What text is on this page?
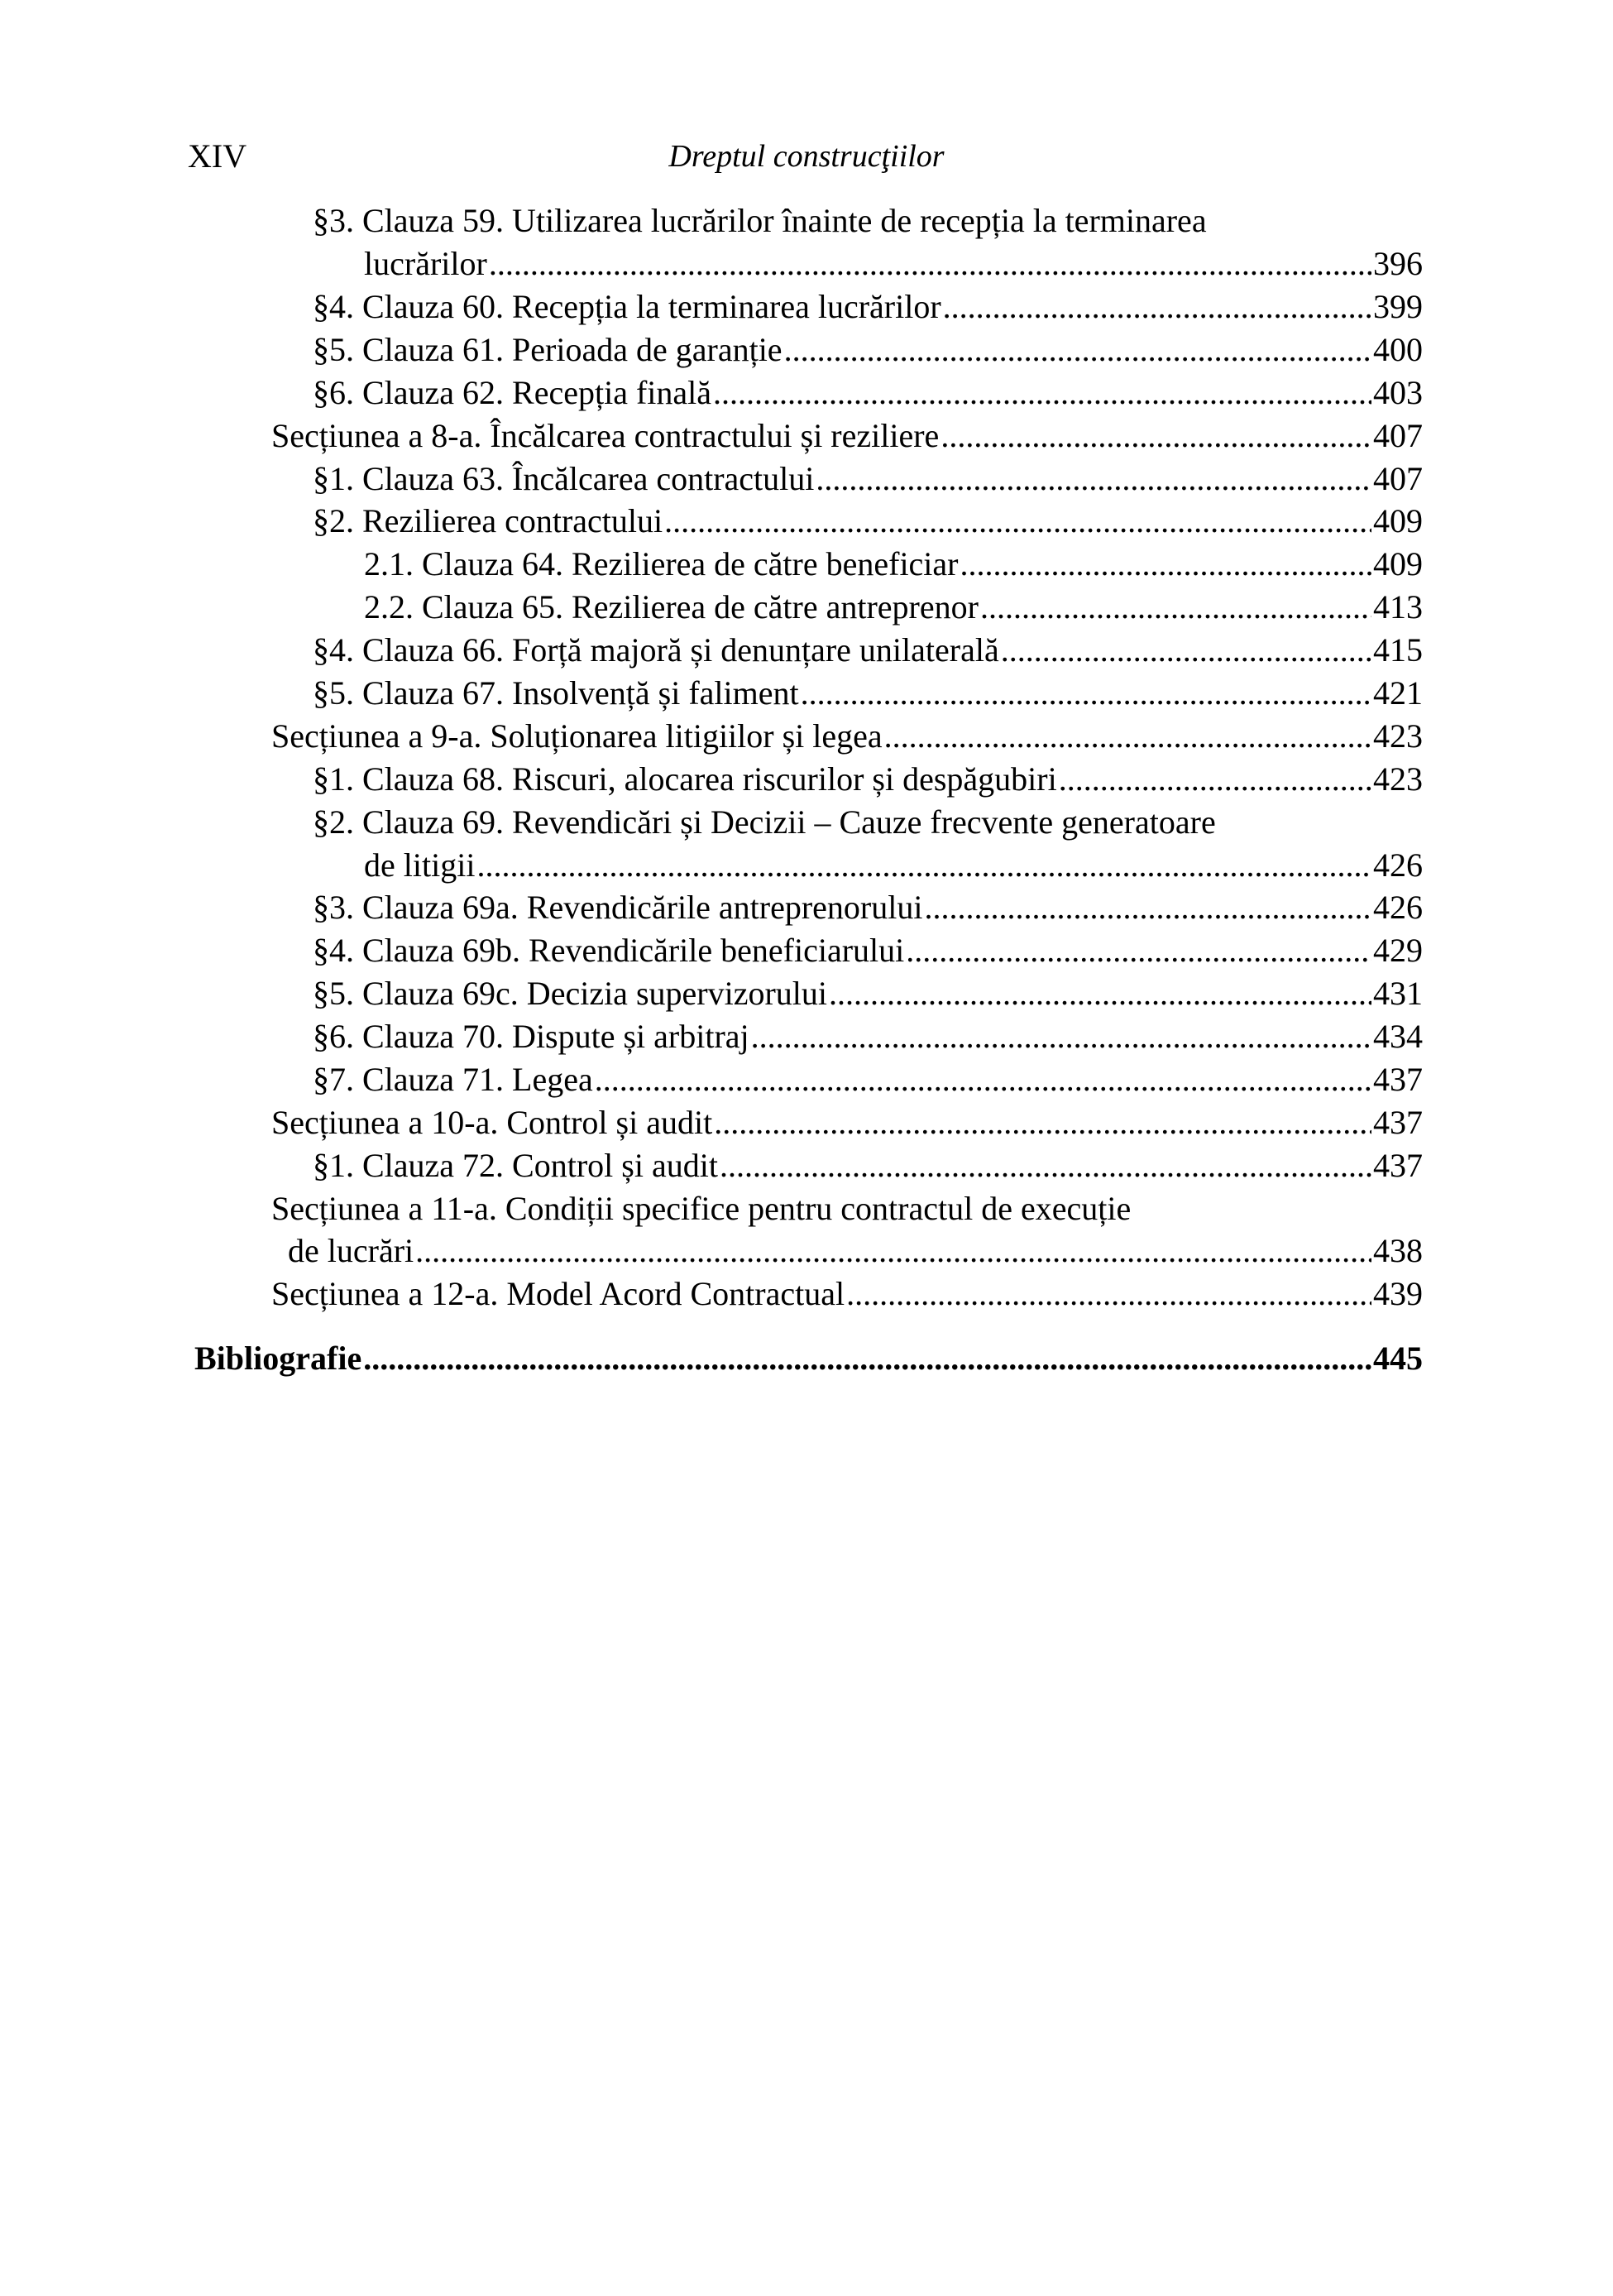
XIV	Dreptul construcţiilor
§3. Clauza 59. Utilizarea lucrărilor înainte de recepția la terminarea
lucrărilor .....	396
§4. Clauza 60. Recepția la terminarea lucrărilor .....	399
§5. Clauza 61. Perioada de garanție .....	400
§6. Clauza 62. Recepția finală .....	403
Secțiunea a 8-a. Încălcarea contractului și reziliere .....	407
§1. Clauza 63. Încălcarea contractului .....	407
§2. Rezilierea contractului .....	409
2.1. Clauza 64. Rezilierea de către beneficiar .....	409
2.2. Clauza 65. Rezilierea de către antreprenor .....	413
§4. Clauza 66. Forță majoră și denunțare unilaterală .....	415
§5. Clauza 67. Insolvență și faliment .....	421
Secțiunea a 9-a. Soluționarea litigiilor și legea .....	423
§1. Clauza 68. Riscuri, alocarea riscurilor și despăgubiri .....	423
§2. Clauza 69. Revendicări și Decizii – Cauze frecvente generatoare
de litigii .....	426
§3. Clauza 69a. Revendicările antreprenorului .....	426
§4. Clauza 69b. Revendicările beneficiarului .....	429
§5. Clauza 69c. Decizia supervizorului .....	431
§6. Clauza 70. Dispute și arbitraj .....	434
§7. Clauza 71. Legea .....	437
Secțiunea a 10-a. Control și audit .....	437
§1. Clauza 72. Control și audit .....	437
Secțiunea a 11-a. Condiții specifice pentru contractul de execuție
de lucrări .....	438
Secțiunea a 12-a. Model Acord Contractual .....	439
Bibliografie .....	445
